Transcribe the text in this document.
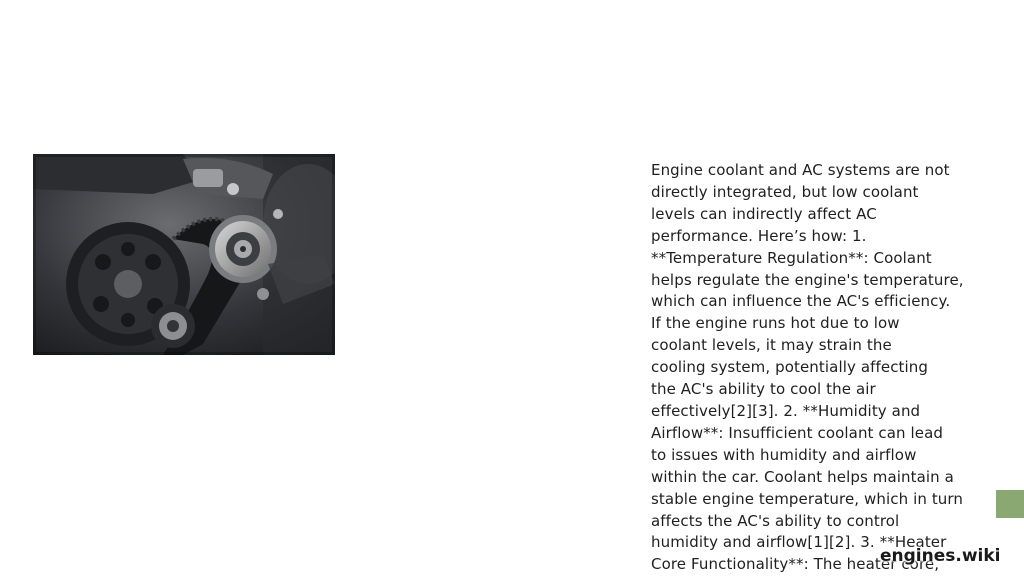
Engine coolant and AC systems are not

directly integrated, but low coolant

levels can indirectly affect AC

performance. Here’s how: 1.

**Temperature Regulation**: Coolant

helps regulate the engine's temperature,

which can influence the AC's efficiency.

If the engine runs hot due to low

coolant levels, it may strain the

cooling system, potentially affecting

the AC's ability to cool the air

effectively[2][3]. 2. **Humidity and

Airflow**: Insufficient coolant can lead

to issues with humidity and airflow

within the car. Coolant helps maintain a

stable engine temperature, which in turn

affects the AC's ability to control

humidity and airflow[1][2]. 3. **Heater

Core Functionality**: The heater core,

engines.wiki
